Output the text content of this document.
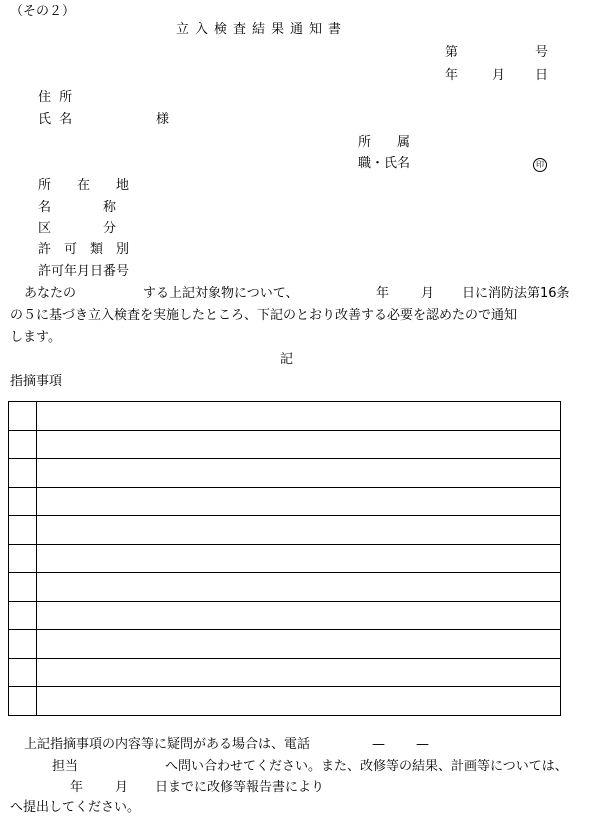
（その２）
立入検査結果通知書
第	号
年	月 日
住 所
氏 名	様
所　　属
職・氏名	印
所　　在　　地
名　　　　称
区　　　　分
許　可　類　別
許可年月日番号
あなたの	する上記対象物について、	年 月 日に消防法第16条
の５に基づき立入検査を実施したところ、下記のとおり改善する必要を認めたので通知
します。
記
指摘事項

上記指摘事項の内容等に疑問がある場合は、電話	— —
担当	へ問い合わせてください。また、改修等の結果、計画等については、
年 月 日までに改修等報告書により
へ提出してください。
